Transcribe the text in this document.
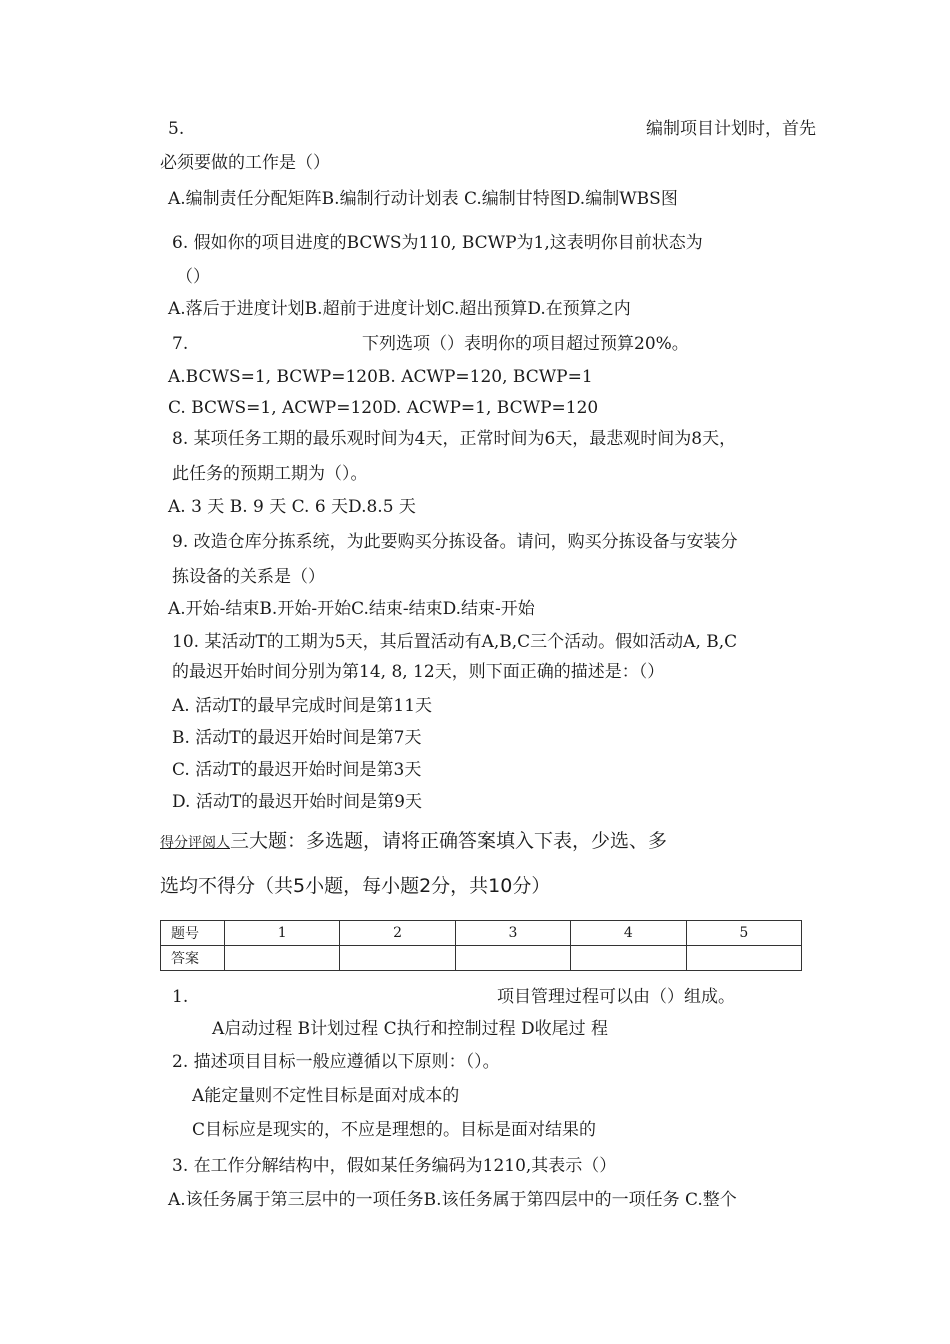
5.	编制项目计划时，首先
必须要做的工作是（）
A.编制责任分配矩阵B.编制行动计划表 C.编制甘特图D.编制WBS图
6. 假如你的项目进度的BCWS为110, BCWP为1,这表明你目前状态为
（）
A.落后于进度计划B.超前于进度计划C.超出预算D.在预算之内
7.	下列选项（）表明你的项目超过预算20%。
A.BCWS=1, BCWP=120B. ACWP=120, BCWP=1
C. BCWS=1, ACWP=120D. ACWP=1, BCWP=120
8. 某项任务工期的最乐观时间为4天，正常时间为6天，最悲观时间为8天，
此任务的预期工期为（）。
A. 3 天 B. 9 天 C. 6 天D.8.5 天
9. 改造仓库分拣系统，为此要购买分拣设备。请问，购买分拣设备与安装分
拣设备的关系是（）
A.开始-结束B.开始-开始C.结束-结束D.结束-开始
10. 某活动T的工期为5天，其后置活动有A,B,C三个活动。假如活动A, B,C
的最迟开始时间分别为第14, 8, 12天，则下面正确的描述是：（）
A. 活动T的最早完成时间是第11天
B. 活动T的最迟开始时间是第7天
C. 活动T的最迟开始时间是第3天
D. 活动T的最迟开始时间是第9天
得分评阅人三大题：多选题，请将正确答案填入下表，少选、多
选均不得分（共5小题，每小题2分，共10分）
题号	1	2	3	4	5
答案					
1.	项目管理过程可以由（）组成。
A启动过程 B计划过程 C执行和控制过程 D收尾过 程
2. 描述项目目标一般应遵循以下原则：（）。
A能定量则不定性目标是面对成本的
C目标应是现实的，不应是理想的。目标是面对结果的
3. 在工作分解结构中，假如某任务编码为1210,其表示（）
A.该任务属于第三层中的一项任务B.该任务属于第四层中的一项任务 C.整个
